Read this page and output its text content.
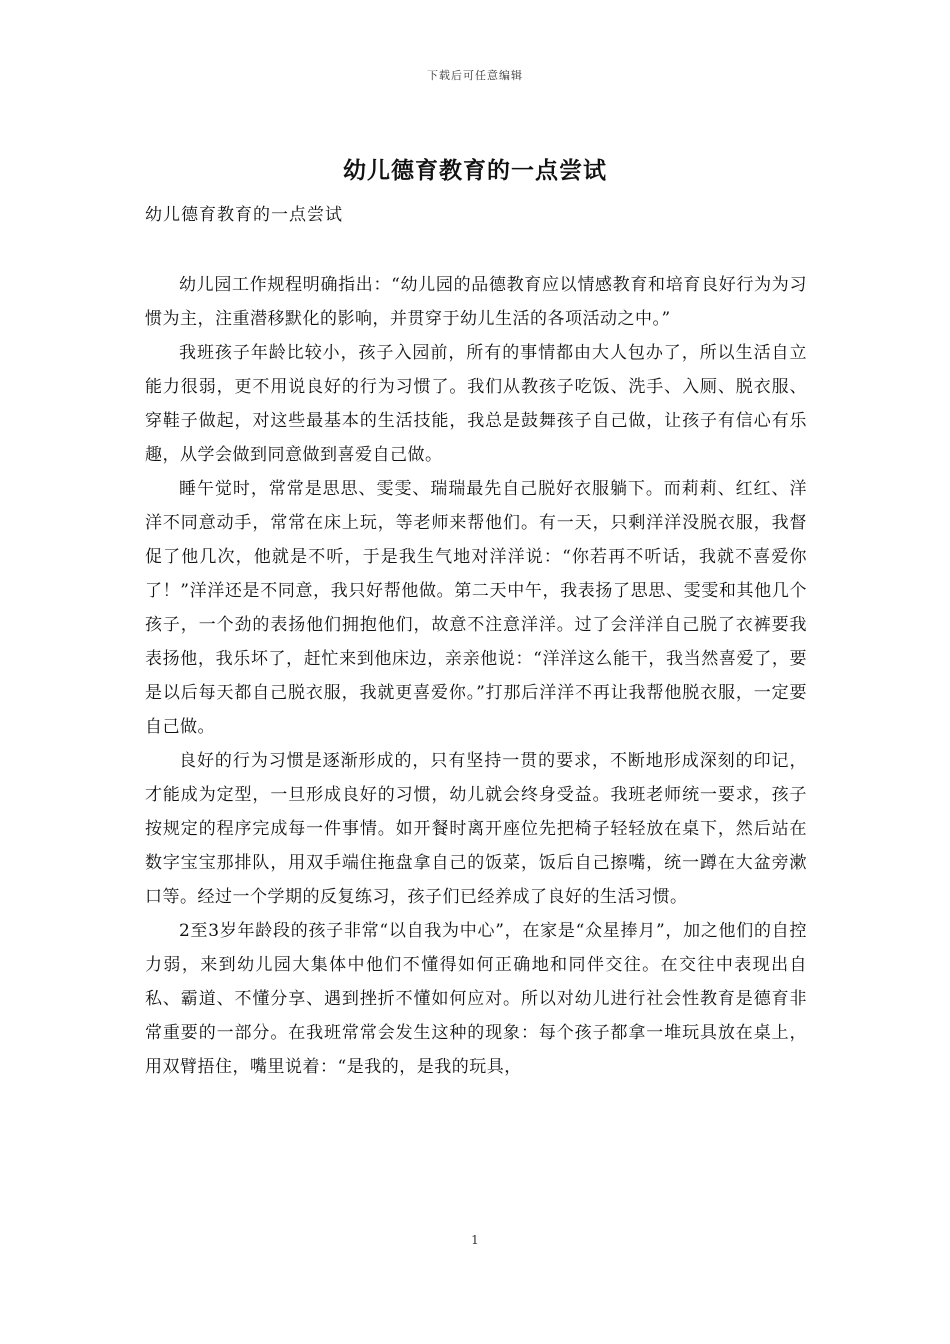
下载后可任意编辑
幼儿德育教育的一点尝试
幼儿德育教育的一点尝试

幼儿园工作规程明确指出：“幼儿园的品德教育应以情感教育和培育良好行为为习惯为主，注重潜移默化的影响，并贯穿于幼儿生活的各项活动之中。”

我班孩子年龄比较小，孩子入园前，所有的事情都由大人包办了，所以生活自立能力很弱，更不用说良好的行为习惯了。我们从教孩子吃饭、洗手、入厕、脱衣服、穿鞋子做起，对这些最基本的生活技能，我总是鼓舞孩子自己做，让孩子有信心有乐趣，从学会做到同意做到喜爱自己做。

睡午觉时，常常是思思、雯雯、瑞瑞最先自己脱好衣服躺下。而莉莉、红红、洋洋不同意动手，常常在床上玩，等老师来帮他们。有一天，只剩洋洋没脱衣服，我督促了他几次，他就是不听，于是我生气地对洋洋说：“你若再不听话，我就不喜爱你了！”洋洋还是不同意，我只好帮他做。第二天中午，我表扬了思思、雯雯和其他几个孩子，一个劲的表扬他们拥抱他们，故意不注意洋洋。过了会洋洋自己脱了衣裤要我表扬他，我乐坏了，赶忙来到他床边，亲亲他说：“洋洋这么能干，我当然喜爱了，要是以后每天都自己脱衣服，我就更喜爱你。”打那后洋洋不再让我帮他脱衣服，一定要自己做。

良好的行为习惯是逐渐形成的，只有坚持一贯的要求，不断地形成深刻的印记，才能成为定型，一旦形成良好的习惯，幼儿就会终身受益。我班老师统一要求，孩子按规定的程序完成每一件事情。如开餐时离开座位先把椅子轻轻放在桌下，然后站在数字宝宝那排队，用双手端住拖盘拿自己的饭菜，饭后自己擦嘴，统一蹲在大盆旁漱口等。经过一个学期的反复练习，孩子们已经养成了良好的生活习惯。

2至3岁年龄段的孩子非常“以自我为中心”，在家是“众星捧月”，加之他们的自控力弱，来到幼儿园大集体中他们不懂得如何正确地和同伴交往。在交往中表现出自私、霸道、不懂分享、遇到挫折不懂如何应对。所以对幼儿进行社会性教育是德育非常重要的一部分。在我班常常会发生这种的现象：每个孩子都拿一堆玩具放在桌上，用双臂捂住，嘴里说着：“是我的，是我的玩具，

1
